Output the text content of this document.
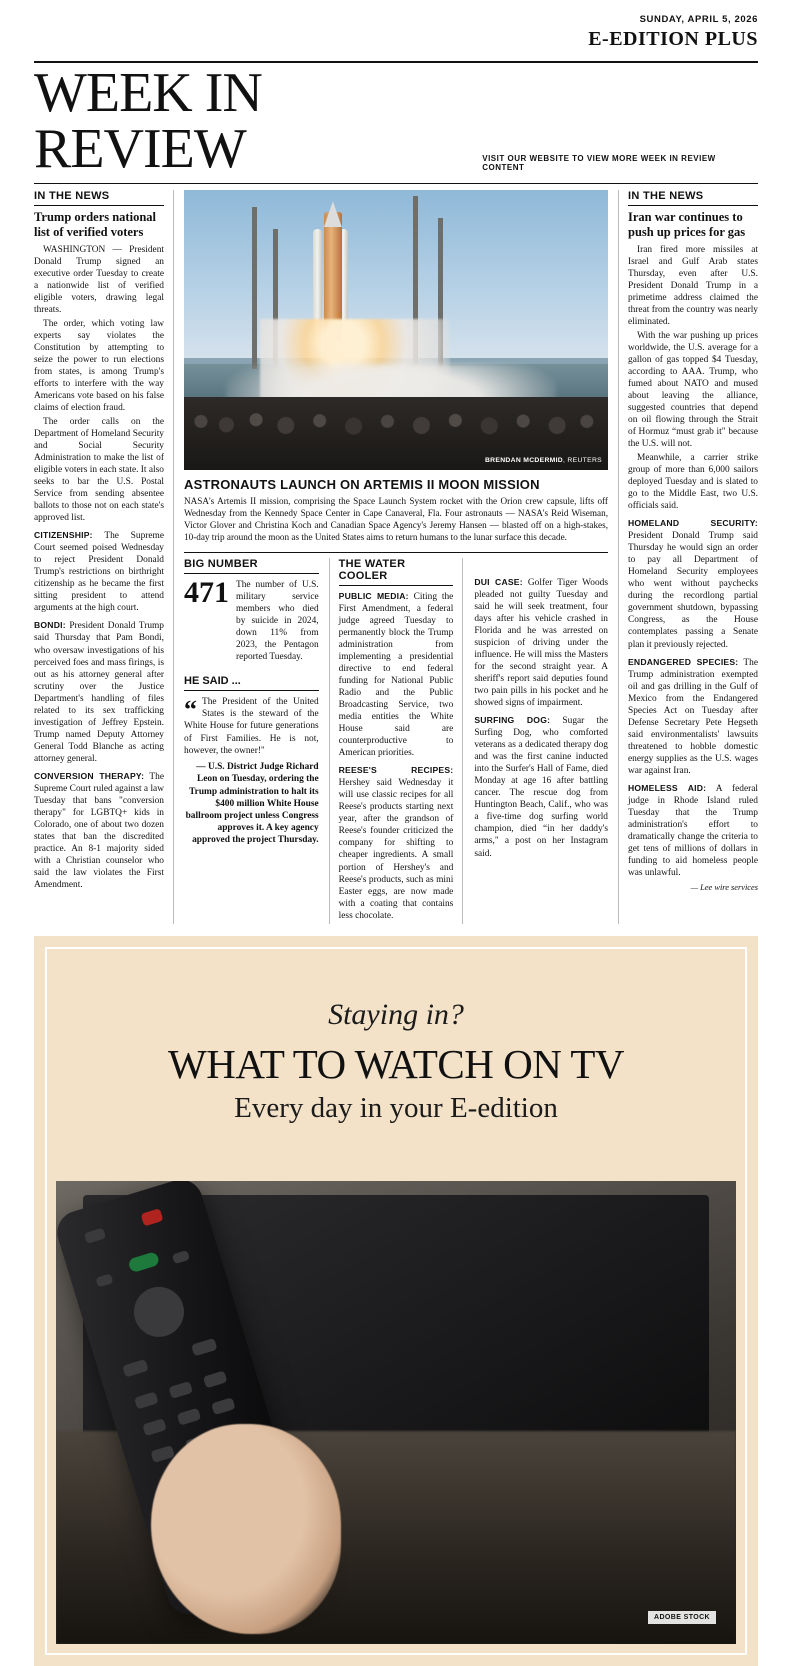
SUNDAY, APRIL 5, 2026
E-EDITION PLUS
WEEK IN REVIEW	VISIT OUR WEBSITE TO VIEW MORE WEEK IN REVIEW CONTENT
IN THE NEWS
Trump orders national list of verified voters

WASHINGTON — President Donald Trump signed an executive order Tuesday to create a nationwide list of verified eligible voters, drawing legal threats.

The order, which voting law experts say violates the Constitution by attempting to seize the power to run elections from states, is among Trump's efforts to interfere with the way Americans vote based on his false claims of election fraud.

The order calls on the Department of Homeland Security and Social Security Administration to make the list of eligible voters in each state. It also seeks to bar the U.S. Postal Service from sending absentee ballots to those not on each state's approved list.

CITIZENSHIP: The Supreme Court seemed poised Wednesday to reject President Donald Trump's restrictions on birthright citizenship as he became the first sitting president to attend arguments at the high court.

BONDI: President Donald Trump said Thursday that Pam Bondi, who oversaw investigations of his perceived foes and mass firings, is out as his attorney general after scrutiny over the Justice Department's handling of files related to its sex trafficking investigation of Jeffrey Epstein. Trump named Deputy Attorney General Todd Blanche as acting attorney general.

CONVERSION THERAPY: The Supreme Court ruled against a law Tuesday that bans "conversion therapy" for LGBTQ+ kids in Colorado, one of about two dozen states that ban the discredited practice. An 8-1 majority sided with a Christian counselor who said the law violates the First Amendment.

BRENDAN MCDERMID, REUTERS
ASTRONAUTS LAUNCH ON ARTEMIS II MOON MISSION

NASA's Artemis II mission, comprising the Space Launch System rocket with the Orion crew capsule, lifts off Wednesday from the Kennedy Space Center in Cape Canaveral, Fla. Four astronauts — NASA's Reid Wiseman, Victor Glover and Christina Koch and Canadian Space Agency's Jeremy Hansen — blasted off on a high-stakes, 10-day trip around the moon as the United States aims to return humans to the lunar surface this decade.

BIG NUMBER
471 The number of U.S. military service members who died by suicide in 2024, down 11% from 2023, the Pentagon reported Tuesday.
HE SAID ...
“ The President of the United States is the steward of the White House for future generations of First Families. He is not, however, the owner!"
— U.S. District Judge Richard Leon on Tuesday, ordering the Trump administration to halt its $400 million White House ballroom project unless Congress approves it. A key agency approved the project Thursday.
THE WATER COOLER

PUBLIC MEDIA: Citing the First Amendment, a federal judge agreed Tuesday to permanently block the Trump administration from implementing a presidential directive to end federal funding for National Public Radio and the Public Broadcasting Service, two media entities the White House said are counterproductive to American priorities.

REESE'S RECIPES: Hershey said Wednesday it will use classic recipes for all Reese's products starting next year, after the grandson of Reese's founder criticized the company for shifting to cheaper ingredients. A small portion of Hershey's and Reese's products, such as mini Easter eggs, are now made with a coating that contains less chocolate.

DUI CASE: Golfer Tiger Woods pleaded not guilty Tuesday and said he will seek treatment, four days after his vehicle crashed in Florida and he was arrested on suspicion of driving under the influence. He will miss the Masters for the second straight year. A sheriff's report said deputies found two pain pills in his pocket and he showed signs of impairment.

SURFING DOG: Sugar the Surfing Dog, who comforted veterans as a dedicated therapy dog and was the first canine inducted into the Surfer's Hall of Fame, died Monday at age 16 after battling cancer. The rescue dog from Huntington Beach, Calif., who was a five-time dog surfing world champion, died “in her daddy's arms," a post on her Instagram said.

IN THE NEWS
Iran war continues to push up prices for gas

Iran fired more missiles at Israel and Gulf Arab states Thursday, even after U.S. President Donald Trump in a primetime address claimed the threat from the country was nearly eliminated.

With the war pushing up prices worldwide, the U.S. average for a gallon of gas topped $4 Tuesday, according to AAA. Trump, who fumed about NATO and mused about leaving the alliance, suggested countries that depend on oil flowing through the Strait of Hormuz “must grab it" because the U.S. will not.

Meanwhile, a carrier strike group of more than 6,000 sailors deployed Tuesday and is slated to go to the Middle East, two U.S. officials said.

HOMELAND SECURITY: President Donald Trump said Thursday he would sign an order to pay all Department of Homeland Security employees who went without paychecks during the recordlong partial government shutdown, bypassing Congress, as the House contemplates passing a Senate plan it previously rejected.

ENDANGERED SPECIES: The Trump administration exempted oil and gas drilling in the Gulf of Mexico from the Endangered Species Act on Tuesday after Defense Secretary Pete Hegseth said environmentalists' lawsuits threatened to hobble domestic energy supplies as the U.S. wages war against Iran.

HOMELESS AID: A federal judge in Rhode Island ruled Tuesday that the Trump administration's effort to dramatically change the criteria to get tens of millions of dollars in funding to aid homeless people was unlawful.

— Lee wire services
Staying in?
WHAT TO WATCH ON TV
Every day in your E-edition
ADOBE STOCK
